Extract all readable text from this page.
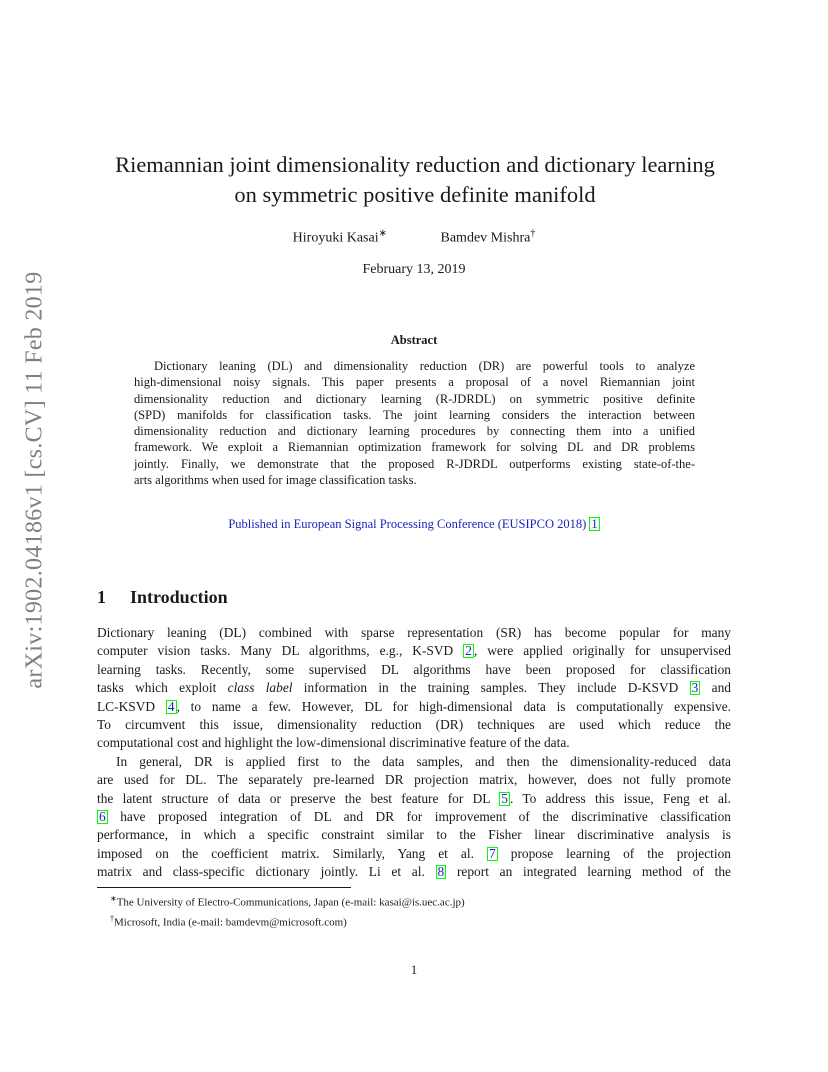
arXiv:1902.04186v1 [cs.CV] 11 Feb 2019
Riemannian joint dimensionality reduction and dictionary learning
on symmetric positive definite manifold
Hiroyuki Kasai∗	Bamdev Mishra†
February 13, 2019
Abstract
Dictionary leaning (DL) and dimensionality reduction (DR) are powerful tools to analyze
high-dimensional noisy signals. This paper presents a proposal of a novel Riemannian joint
dimensionality reduction and dictionary learning (R-JDRDL) on symmetric positive definite
(SPD) manifolds for classification tasks. The joint learning considers the interaction between
dimensionality reduction and dictionary learning procedures by connecting them into a unified
framework. We exploit a Riemannian optimization framework for solving DL and DR problems
jointly. Finally, we demonstrate that the proposed R-JDRDL outperforms existing state-of-the-
arts algorithms when used for image classification tasks.
Published in European Signal Processing Conference (EUSIPCO 2018) 1
1 Introduction
Dictionary leaning (DL) combined with sparse representation (SR) has become popular for many
computer vision tasks. Many DL algorithms, e.g., K-SVD 2 , were applied originally for unsupervised
learning tasks. Recently, some supervised DL algorithms have been proposed for classification
tasks which exploit class label information in the training samples. They include D-KSVD 3 and
LC-KSVD 4 , to name a few. However, DL for high-dimensional data is computationally expensive.
To circumvent this issue, dimensionality reduction (DR) techniques are used which reduce the
computational cost and highlight the low-dimensional discriminative feature of the data.
In general, DR is applied first to the data samples, and then the dimensionality-reduced data
are used for DL. The separately pre-learned DR projection matrix, however, does not fully promote
the latent structure of data or preserve the best feature for DL 5 . To address this issue, Feng et al.
6 have proposed integration of DL and DR for improvement of the discriminative classification
performance, in which a specific constraint similar to the Fisher linear discriminative analysis is
imposed on the coefficient matrix. Similarly, Yang et al. 7 propose learning of the projection
matrix and class-specific dictionary jointly. Li et al. 8 report an integrated learning method of the
∗The University of Electro-Communications, Japan (e-mail: kasai@is.uec.ac.jp)
†Microsoft, India (e-mail: bamdevm@microsoft.com)
1
